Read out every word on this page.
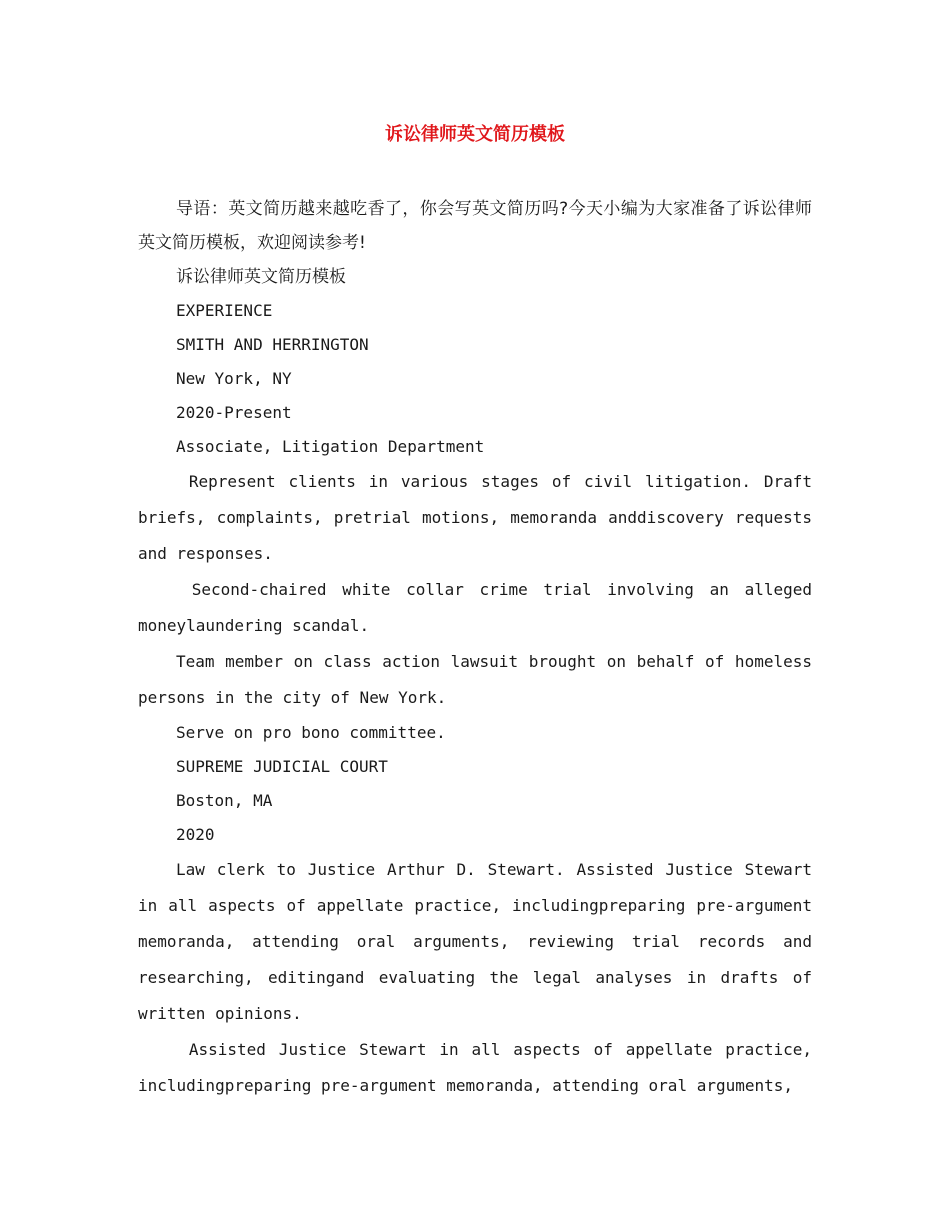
诉讼律师英文简历模板

导语：英文简历越来越吃香了，你会写英文简历吗?今天小编为大家准备了诉讼律师英文简历模板，欢迎阅读参考!

诉讼律师英文简历模板

EXPERIENCE

SMITH AND HERRINGTON

New York, NY

2020-Present

Associate, Litigation Department

Represent clients in various stages of civil litigation. Draft briefs, complaints, pretrial motions, memoranda anddiscovery requests and responses.

Second-chaired white collar crime trial involving an alleged moneylaundering scandal.

Team member on class action lawsuit brought on behalf of homeless persons in the city of New York.

Serve on pro bono committee.

SUPREME JUDICIAL COURT

Boston, MA

2020

Law clerk to Justice Arthur D. Stewart. Assisted Justice Stewart in all aspects of appellate practice, includingpreparing pre-argument memoranda, attending oral arguments, reviewing trial records and researching, editingand evaluating the legal analyses in drafts of written opinions.

Assisted Justice Stewart in all aspects of appellate practice, includingpreparing pre-argument memoranda, attending oral arguments,
